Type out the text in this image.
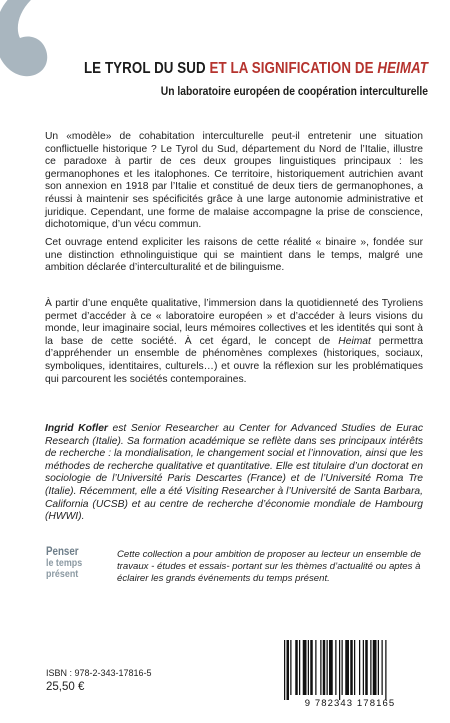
LE TYROL DU SUD ET LA SIGNIFICATION DE HEIMAT
Un laboratoire européen de coopération interculturelle

Un «modèle» de cohabitation interculturelle peut-il entretenir une situation conflictuelle historique ? Le Tyrol du Sud, département du Nord de l’Italie, illustre ce paradoxe à partir de ces deux groupes linguistiques principaux : les germanophones et les italophones. Ce territoire, historiquement autrichien avant son annexion en 1918 par l’Italie et constitué de deux tiers de germanophones, a réussi à maintenir ses spécificités grâce à une large autonomie administrative et juridique. Cependant, une forme de malaise accompagne la prise de conscience, dichotomique, d’un vécu commun.

Cet ouvrage entend expliciter les raisons de cette réalité « binaire », fondée sur une distinction ethnolinguistique qui se maintient dans le temps, malgré une ambition déclarée d’interculturalité et de bilinguisme.

À partir d’une enquête qualitative, l’immersion dans la quotidienneté des Tyroliens permet d’accéder à ce « laboratoire européen » et d’accéder à leurs visions du monde, leur imaginaire social, leurs mémoires collectives et les identités qui sont à la base de cette société. À cet égard, le concept de Heimat permettra d’appréhender un ensemble de phénomènes complexes (historiques, sociaux, symboliques, identitaires, culturels…) et ouvre la réflexion sur les problématiques qui parcourent les sociétés contemporaines.

Ingrid Kofler est Senior Researcher au Center for Advanced Studies de Eurac Research (Italie). Sa formation académique se reflète dans ses principaux intérêts de recherche : la mondialisation, le changement social et l’innovation, ainsi que les méthodes de recherche qualitative et quantitative. Elle est titulaire d’un doctorat en sociologie de l’Université Paris Descartes (France) et de l’Université Roma Tre (Italie). Récemment, elle a été Visiting Researcher à l’Université de Santa Barbara, California (UCSB) et au centre de recherche d’économie mondiale de Hambourg (HWWI).
Penser
le temps
présent
Cette collection a pour ambition de proposer au lecteur un ensemble de travaux - études et essais- portant sur les thèmes d’actualité ou aptes à éclairer les grands événements du temps présent.
ISBN : 978-2-343-17816-5
25,50 €
9 782343 178165
